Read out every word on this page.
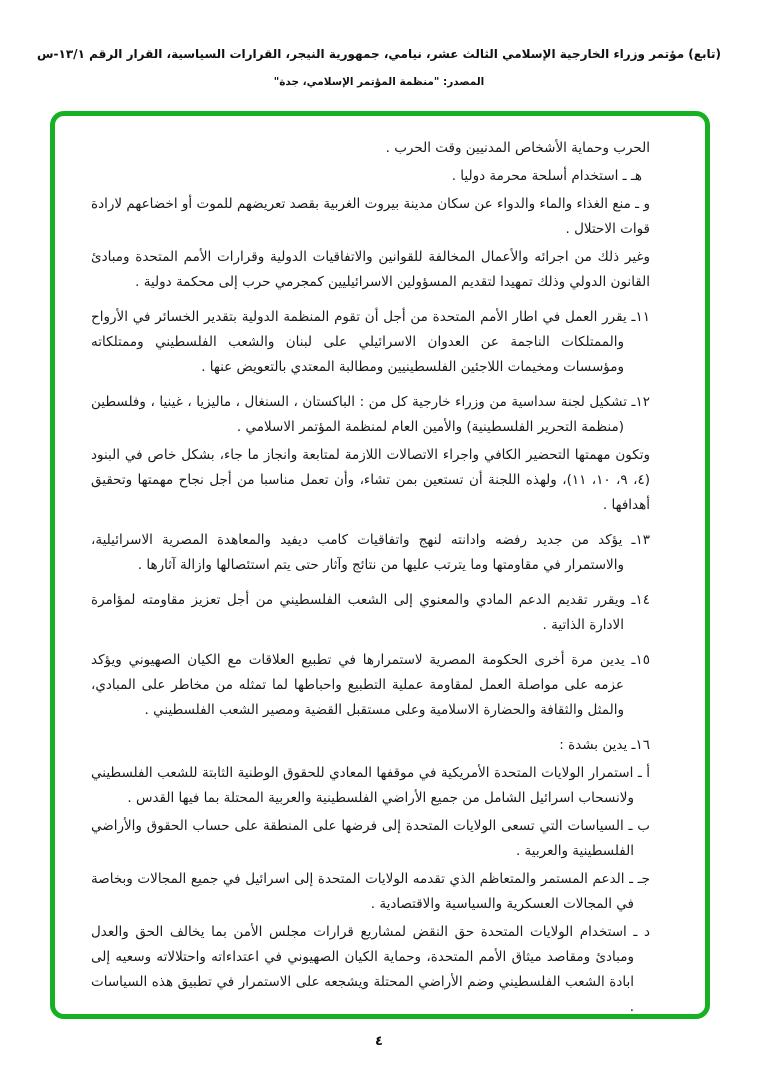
(تابع) مؤتمر وزراء الخارجية الإسلامي الثالث عشر، نيامي، جمهورية النيجر، القرارات السياسية، القرار الرقم ١٣/١-س
المصدر: "منظمة المؤتمر الإسلامي، جدة"

الحرب وحماية الأشخاص المدنيين وقت الحرب .

هـ ـ استخدام أسلحة محرمة دوليا .

و ـ منع الغذاء والماء والدواء عن سكان مدينة بيروت الغربية بقصد تعريضهم للموت أو اخضاعهم لارادة قوات الاحتلال .

وغير ذلك من اجرائه والأعمال المخالفة للقوانين والاتفاقيات الدولية وقرارات الأمم المتحدة ومبادئ القانون الدولي وذلك تمهيدا لتقديم المسؤولين الاسرائيليين كمجرمي حرب إلى محكمة دولية .

١١ـ يقرر العمل في اطار الأمم المتحدة من أجل أن تقوم المنظمة الدولية بتقدير الخسائر في الأرواح والممتلكات الناجمة عن العدوان الاسرائيلي على لبنان والشعب الفلسطيني وممتلكاته ومؤسسات ومخيمات اللاجئين الفلسطينيين ومطالبة المعتدي بالتعويض عنها .

١٢ـ تشكيل لجنة سداسية من وزراء خارجية كل من : الباكستان ، السنغال ، ماليزيا ، غينيا ، وفلسطين (منظمة التحرير الفلسطينية) والأمين العام لمنظمة المؤتمر الاسلامي .

وتكون مهمتها التحضير الكافي واجراء الاتصالات اللازمة لمتابعة وانجاز ما جاء، بشكل خاص في البنود (٤، ٩، ١٠، ١١)، ولهذه اللجنة أن تستعين بمن تشاء، وأن تعمل مناسبا من أجل نجاح مهمتها وتحقيق أهدافها .

١٣ـ يؤكد من جديد رفضه وادانته لنهج واتفاقيات كامب ديفيد والمعاهدة المصرية الاسرائيلية، والاستمرار في مقاومتها وما يترتب عليها من نتائج وآثار حتى يتم استئصالها وازالة آثارها .

١٤ـ ويقرر تقديم الدعم المادي والمعنوي إلى الشعب الفلسطيني من أجل تعزيز مقاومته لمؤامرة الادارة الذاتية .

١٥ـ يدين مرة أخرى الحكومة المصرية لاستمرارها في تطبيع العلاقات مع الكيان الصهيوني ويؤكد عزمه على مواصلة العمل لمقاومة عملية التطبيع واحباطها لما تمثله من مخاطر على المبادي، والمثل والثقافة والحضارة الاسلامية وعلى مستقبل القضية ومصير الشعب الفلسطيني .

١٦ـ يدين بشدة :

أ ـ استمرار الولايات المتحدة الأمريكية في موقفها المعادي للحقوق الوطنية الثابتة للشعب الفلسطيني ولانسحاب اسرائيل الشامل من جميع الأراضي الفلسطينية والعربية المحتلة بما فيها القدس .

ب ـ السياسات التي تسعى الولايات المتحدة إلى فرضها على المنطقة على حساب الحقوق والأراضي الفلسطينية والعربية .

جـ ـ الدعم المستمر والمتعاظم الذي تقدمه الولايات المتحدة إلى اسرائيل في جميع المجالات وبخاصة في المجالات العسكرية والسياسية والاقتصادية .

د ـ استخدام الولايات المتحدة حق النقض لمشاريع قرارات مجلس الأمن بما يخالف الحق والعدل ومبادئ ومقاصد ميثاق الأمم المتحدة، وحماية الكيان الصهيوني في اعتداءاته واحتلالاته وسعيه إلى ابادة الشعب الفلسطيني وضم الأراضي المحتلة ويشجعه على الاستمرار في تطبيق هذه السياسات .

٤
